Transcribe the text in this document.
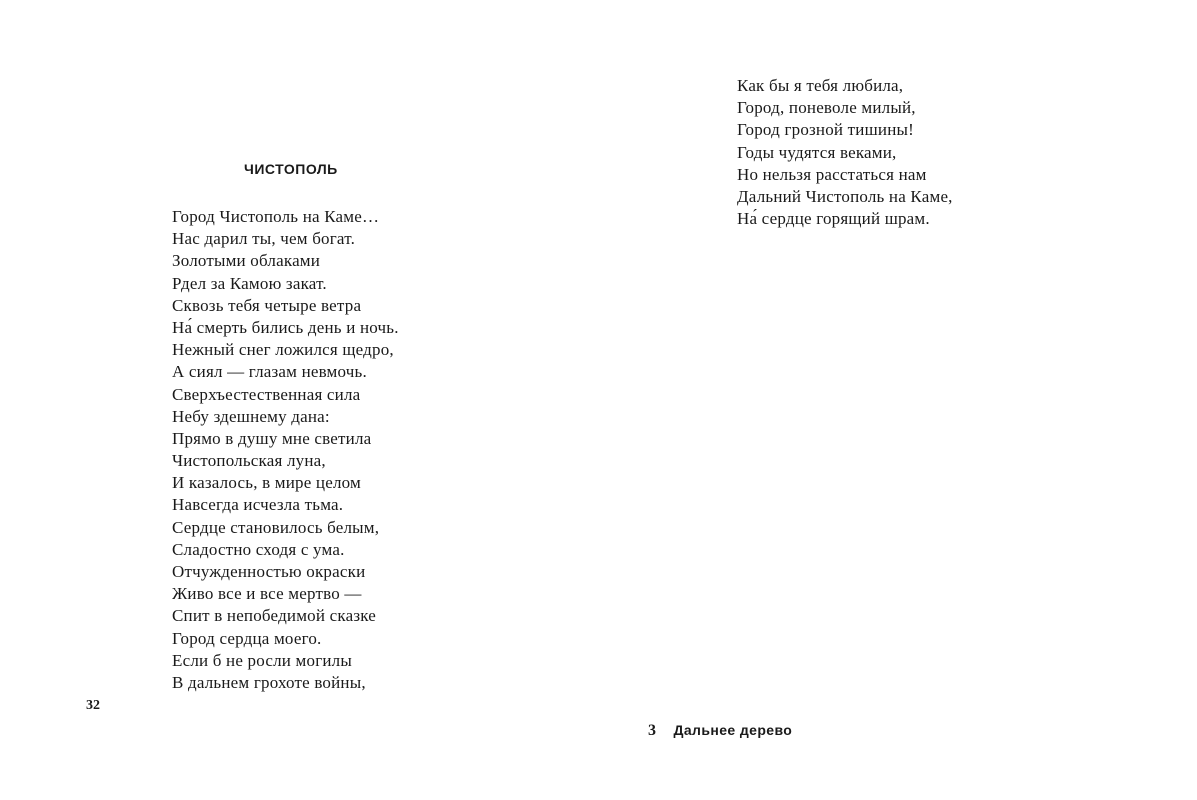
ЧИСТОПОЛЬ
Город Чистополь на Каме…
Нас дарил ты, чем богат.
Золотыми облаками
Рдел за Камою закат.
Сквозь тебя четыре ветра
На́ смерть бились день и ночь.
Нежный снег ложился щедро,
А сиял — глазам невмочь.
Сверхъестественная сила
Небу здешнему дана:
Прямо в душу мне светила
Чистопольская луна,
И казалось, в мире целом
Навсегда исчезла тьма.
Сердце становилось белым,
Сладостно сходя с ума.
Отчужденностью окраски
Живо все и все мертво —
Спит в непобедимой сказке
Город сердца моего.
Если б не росли могилы
В дальнем грохоте войны,
32
Как бы я тебя любила,
Город, поневоле милый,
Город грозной тишины!
Годы чудятся веками,
Но нельзя расстаться нам
Дальний Чистополь на Каме,
На́ сердце горящий шрам.
3 Дальнее дерево
